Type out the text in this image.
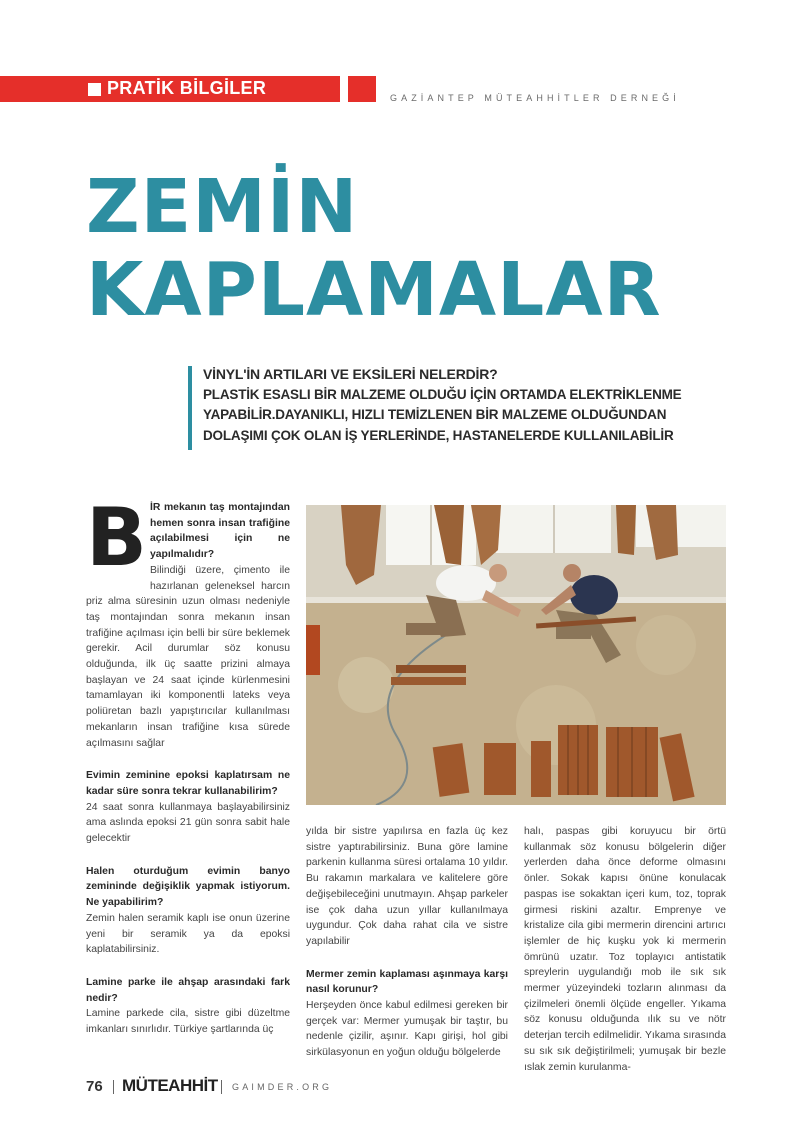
PRATİK BİLGİLER	GAZİANTEP MÜTEAHHİTLER DERNEĞİ
ZEMİN
KAPLAMALAR
VİNYL'İN ARTILARI VE EKSİLERİ NELERDİR?
PLASTİK ESASLI BİR MALZEME OLDUĞU İÇİN ORTAMDA ELEKTRİKLENME
YAPABİLİR.DAYANIKLI, HIZLI TEMİZLENEN BİR MALZEME OLDUĞUNDAN
DOLAŞIMI ÇOK OLAN İŞ YERLERİNDE, HASTANELERDE KULLANILABİLİR
B İR mekanın taş montajından hemen sonra insan trafiğine açılabilmesi için ne yapılmalıdır?
Bilindiği üzere, çimento ile hazırlanan geleneksel harcın priz alma süresinin uzun olması nedeniyle taş montajından sonra mekanın insan trafiğine açılması için belli bir süre beklemek gerekir. Acil durumlar söz konusu olduğunda, ilk üç saatte prizini almaya başlayan ve 24 saat içinde kürlenmesini tamamlayan iki komponentli lateks veya poliüretan bazlı yapıştırıcılar kullanılması mekanların insan trafiğine kısa sürede açılmasını sağlar

Evimin zeminine epoksi kaplatırsam ne kadar süre sonra tekrar kullanabilirim?
24 saat sonra kullanmaya başlayabilirsiniz ama aslında epoksi 21 gün sonra sabit hale gelecektir

Halen oturduğum evimin banyo zemininde değişiklik yapmak istiyorum. Ne yapabilirim?
Zemin halen seramik kaplı ise onun üzerine yeni bir seramik ya da epoksi kaplatabilirsiniz.

Lamine parke ile ahşap arasındaki fark nedir?
Lamine parkede cila, sistre gibi düzeltme imkanları sınırlıdır. Türkiye şartlarında üç

yılda bir sistre yapılırsa en fazla üç kez sistre yaptırabilirsiniz. Buna göre lamine parkenin kullanma süresi ortalama 10 yıldır. Bu rakamın markalara ve kalitelere göre değişebileceğini unutmayın. Ahşap parkeler ise çok daha uzun yıllar kullanılmaya uygundur. Çok daha rahat cila ve sistre yapılabilir

Mermer zemin kaplaması aşınmaya karşı nasıl korunur?
Herşeyden önce kabul edilmesi gereken bir gerçek var: Mermer yumuşak bir taştır, bu nedenle çizilir, aşınır. Kapı girişi, hol gibi sirkülasyonun en yoğun olduğu bölgelerde

halı, paspas gibi koruyucu bir örtü kullanmak söz konusu bölgelerin diğer yerlerden daha önce deforme olmasını önler. Sokak kapısı önüne konulacak paspas ise sokaktan içeri kum, toz, toprak girmesi riskini azaltır. Emprenye ve kristalize cila gibi mermerin direncini artırıcı işlemler de hiç kuşku yok ki mermerin ömrünü uzatır. Toz toplayıcı antistatik spreylerin uygulandığı mob ile sık sık mermer yüzeyindeki tozların alınması da çizilmeleri önemli ölçüde engeller. Yıkama söz konusu olduğunda ılık su ve nötr deterjan tercih edilmelidir. Yıkama sırasında su sık sık değiştirilmeli; yumuşak bir bezle ıslak zemin kurulanma-

76 MÜTEAHHİT GAIMDER.ORG
